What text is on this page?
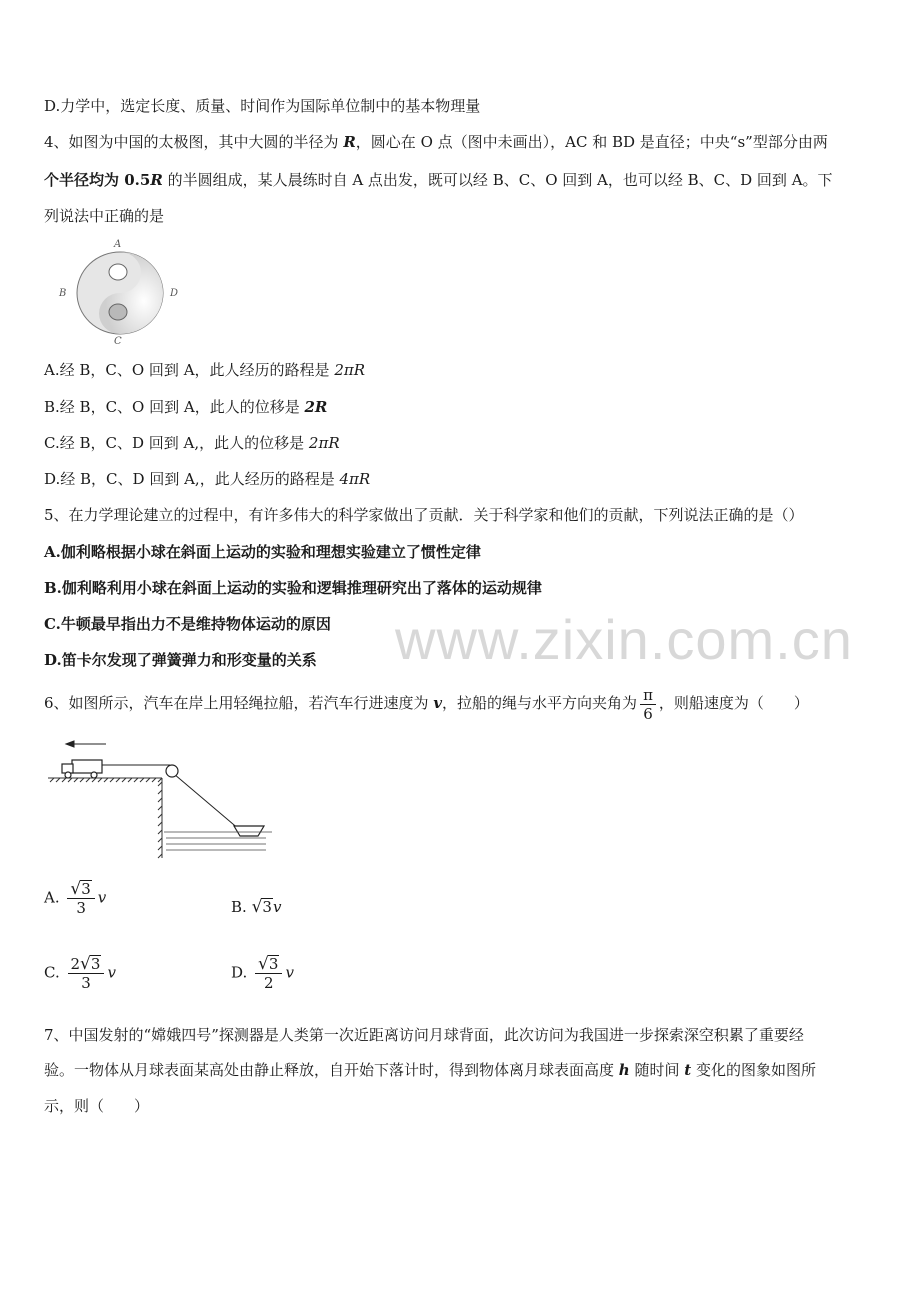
D.力学中，选定长度、质量、时间作为国际单位制中的基本物理量
4、如图为中国的太极图，其中大圆的半径为 R，圆心在 O 点（图中未画出），AC 和 BD 是直径；中央“s”型部分由两
个半径均为 0.5R 的半圆组成，某人晨练时自 A 点出发，既可以经 B、C、O 回到 A，也可以经 B、C、D 回到 A。下
列说法中正确的是
A
B
C
D
A.经 B，C、O 回到 A，此人经历的路程是 2πR
B.经 B，C、O 回到 A，此人的位移是 2R
C.经 B，C、D 回到 A,，此人的位移是 2πR
D.经 B，C、D 回到 A,，此人经历的路程是 4πR
5、在力学理论建立的过程中，有许多伟大的科学家做出了贡献．关于科学家和他们的贡献，下列说法正确的是（）
A.伽利略根据小球在斜面上运动的实验和理想实验建立了惯性定律
B.伽利略利用小球在斜面上运动的实验和逻辑推理研究出了落体的运动规律
C.牛顿最早指出力不是维持物体运动的原因
D.笛卡尔发现了弹簧弹力和形变量的关系 www.zixin.com.cn
6、如图所示，汽车在岸上用轻绳拉船，若汽车行进速度为 v，拉船的绳与水平方向夹角为 $\frac{\pi}{6}$ ，则船速度为（　　）
A. $\frac{√3}{3}$ v
B. √3v
C. $\frac{2√3}{3}$ v	D. $\frac{√3}{2}$ v
7、中国发射的“嫦娥四号”探测器是人类第一次近距离访问月球背面，此次访问为我国进一步探索深空积累了重要经
验。一物体从月球表面某高处由静止释放，自开始下落计时，得到物体离月球表面高度 h 随时间 t 变化的图象如图所
示，则（　　）
